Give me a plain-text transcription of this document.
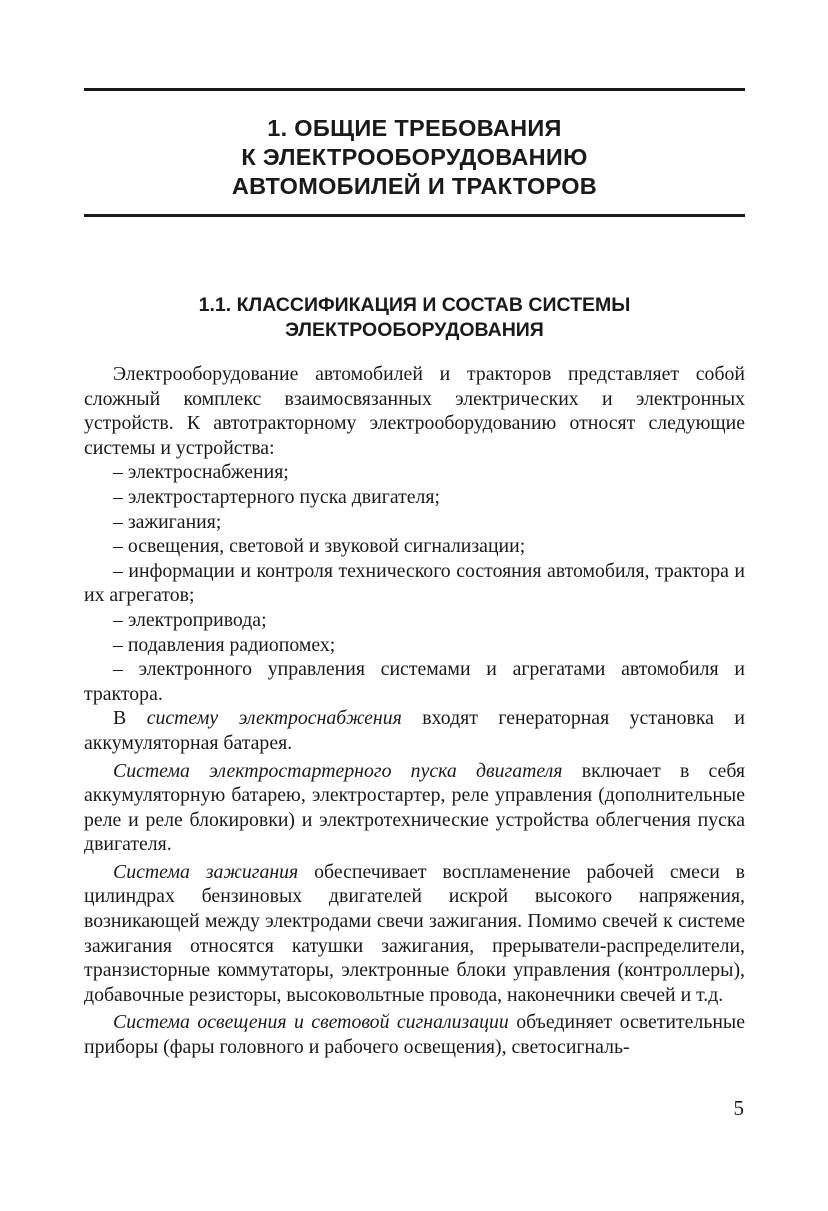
1. ОБЩИЕ ТРЕБОВАНИЯ
К ЭЛЕКТРООБОРУДОВАНИЮ
АВТОМОБИЛЕЙ И ТРАКТОРОВ
1.1. КЛАССИФИКАЦИЯ И СОСТАВ СИСТЕМЫ
ЭЛЕКТРООБОРУДОВАНИЯ

Электрооборудование автомобилей и тракторов представляет собой сложный комплекс взаимосвязанных электрических и электронных устройств. К автотракторному электрооборудованию относят следующие системы и устройства:

– электроснабжения;

– электростартерного пуска двигателя;

– зажигания;

– освещения, световой и звуковой сигнализации;

– информации и контроля технического состояния автомобиля, трактора и их агрегатов;

– электропривода;

– подавления радиопомех;

– электронного управления системами и агрегатами автомобиля и трактора.

В систему электроснабжения входят генераторная установка и аккумуляторная батарея.

Система электростартерного пуска двигателя включает в себя аккумуляторную батарею, электростартер, реле управления (дополнительные реле и реле блокировки) и электротехнические устройства облегчения пуска двигателя.

Система зажигания обеспечивает воспламенение рабочей смеси в цилиндрах бензиновых двигателей искрой высокого напряжения, возникающей между электродами свечи зажигания. Помимо свечей к системе зажигания относятся катушки зажигания, прерыватели-распределители, транзисторные коммутаторы, электронные блоки управления (контроллеры), добавочные резисторы, высоковольтные провода, наконечники свечей и т.д.

Система освещения и световой сигнализации объединяет осветительные приборы (фары головного и рабочего освещения), светосигналь-

5
